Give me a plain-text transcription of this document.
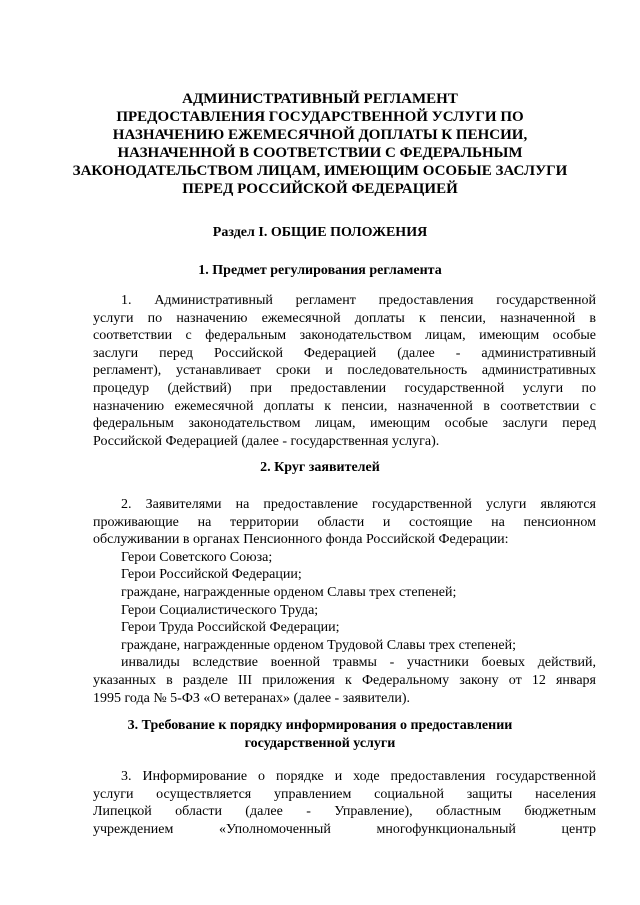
АДМИНИСТРАТИВНЫЙ РЕГЛАМЕНТ
ПРЕДОСТАВЛЕНИЯ ГОСУДАРСТВЕННОЙ УСЛУГИ ПО
НАЗНАЧЕНИЮ ЕЖЕМЕСЯЧНОЙ ДОПЛАТЫ К ПЕНСИИ,
НАЗНАЧЕННОЙ В СООТВЕТСТВИИ С ФЕДЕРАЛЬНЫМ
ЗАКОНОДАТЕЛЬСТВОМ ЛИЦАМ, ИМЕЮЩИМ ОСОБЫЕ ЗАСЛУГИ
ПЕРЕД РОССИЙСКОЙ ФЕДЕРАЦИЕЙ
Раздел I. ОБЩИЕ ПОЛОЖЕНИЯ
1. Предмет регулирования регламента
1. Административный регламент предоставления государственной
услуги по назначению ежемесячной доплаты к пенсии, назначенной в
соответствии с федеральным законодательством лицам, имеющим особые
заслуги перед Российской Федерацией (далее - административный
регламент), устанавливает сроки и последовательность административных
процедур (действий) при предоставлении государственной услуги по
назначению ежемесячной доплаты к пенсии, назначенной в соответствии с
федеральным законодательством лицам, имеющим особые заслуги перед
Российской Федерацией (далее - государственная услуга).
2. Круг заявителей
2. Заявителями на предоставление государственной услуги являются
проживающие на территории области и состоящие на пенсионном
обслуживании в органах Пенсионного фонда Российской Федерации:
Герои Советского Союза;
Герои Российской Федерации;
граждане, награжденные орденом Славы трех степеней;
Герои Социалистического Труда;
Герои Труда Российской Федерации;
граждане, награжденные орденом Трудовой Славы трех степеней;
инвалиды вследствие военной травмы - участники боевых действий,
указанных в разделе III приложения к Федеральному закону от 12 января
1995 года № 5-ФЗ «О ветеранах» (далее - заявители).
3. Требование к порядку информирования о предоставлении
государственной услуги
3. Информирование о порядке и ходе предоставления государственной
услуги осуществляется управлением социальной защиты населения
Липецкой области (далее - Управление), областным бюджетным
учреждением «Уполномоченный многофункциональный центр
